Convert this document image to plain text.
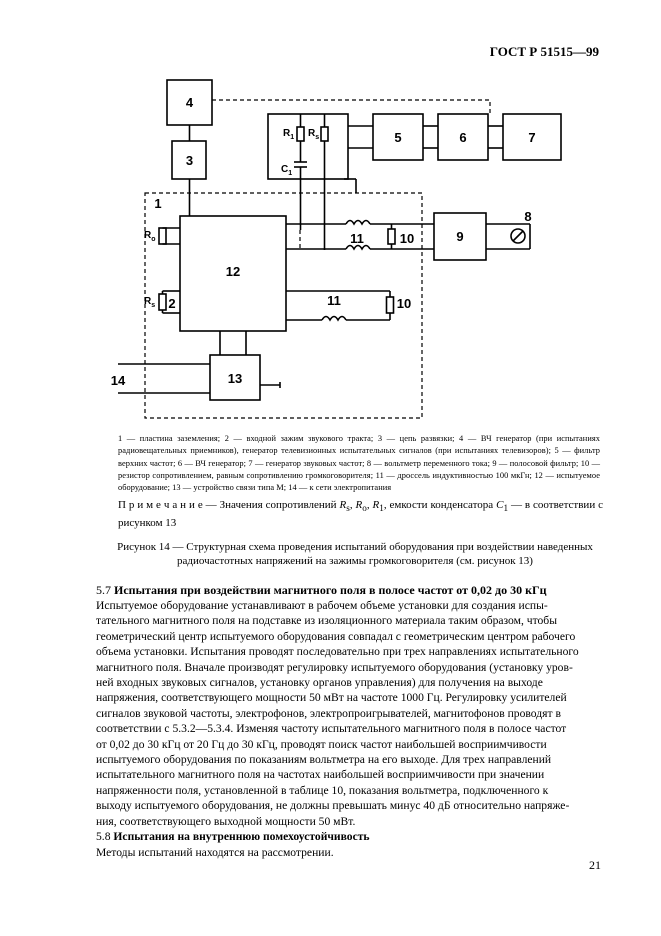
ГОСТ Р 51515—99
4
3
5	6	7
9
12
13
1
2
8
14
11
11
10
10
$R_1$ $R_s$
$C_1$
$R_o$
$R_s$
1 — пластина заземления; 2 — входной зажим звукового тракта; 3 — цепь развязки; 4 — ВЧ генератор (при испытаниях радиовещательных приемников), генератор телевизионных испытательных сигналов (при испытаниях телевизоров); 5 — фильтр верхних частот; 6 — ВЧ генератор; 7 — генератор звуковых частот; 8 — вольтметр переменного тока; 9 — полосовой фильтр; 10 — резистор сопротивлением, равным сопротивлению громкоговорителя; 11 — дроссель индуктивностью 100 мкГн; 12 — испытуемое оборудование; 13 — устройство связи типа М; 14 — к сети электропитания
П р и м е ч а н и е — Значения сопротивлений $R_s$, $R_o$, $R_1$, емкости конденсатора $C_1$ — в соответствии с рисунком 13
Рисунок 14 — Структурная схема проведения испытаний оборудования при воздействии наведенных
радиочастотных напряжений на зажимы громкоговорителя (см. рисунок 13)
5.7 Испытания при воздействии магнитного поля в полосе частот от 0,02 до 30 кГц

Испытуемое оборудование устанавливают в рабочем объеме установки для создания испы-

тательного магнитного поля на подставке из изоляционного материала таким образом, чтобы

геометрический центр испытуемого оборудования совпадал с геометрическим центром рабочего

объема установки. Испытания проводят последовательно при трех направлениях испытательного

магнитного поля. Вначале производят регулировку испытуемого оборудования (установку уров-

ней входных звуковых сигналов, установку органов управления) для получения на выходе

напряжения, соответствующего мощности 50 мВт на частоте 1000 Гц. Регулировку усилителей

сигналов звуковой частоты, электрофонов, электропроигрывателей, магнитофонов проводят в

соответствии с 5.3.2—5.3.4. Изменяя частоту испытательного магнитного поля в полосе частот

от 0,02 до 30 кГц от 20 Гц до 30 кГц, проводят поиск частот наибольшей восприимчивости

испытуемого оборудования по показаниям вольтметра на его выходе. Для трех направлений

испытательного магнитного поля на частотах наибольшей восприимчивости при значении

напряженности поля, установленной в таблице 10, показания вольтметра, подключенного к

выходу испытуемого оборудования, не должны превышать минус 40 дБ относительно напряже-

ния, соответствующего выходной мощности 50 мВт.

5.8 Испытания на внутреннюю помехоустойчивость

Методы испытаний находятся на рассмотрении.

21
